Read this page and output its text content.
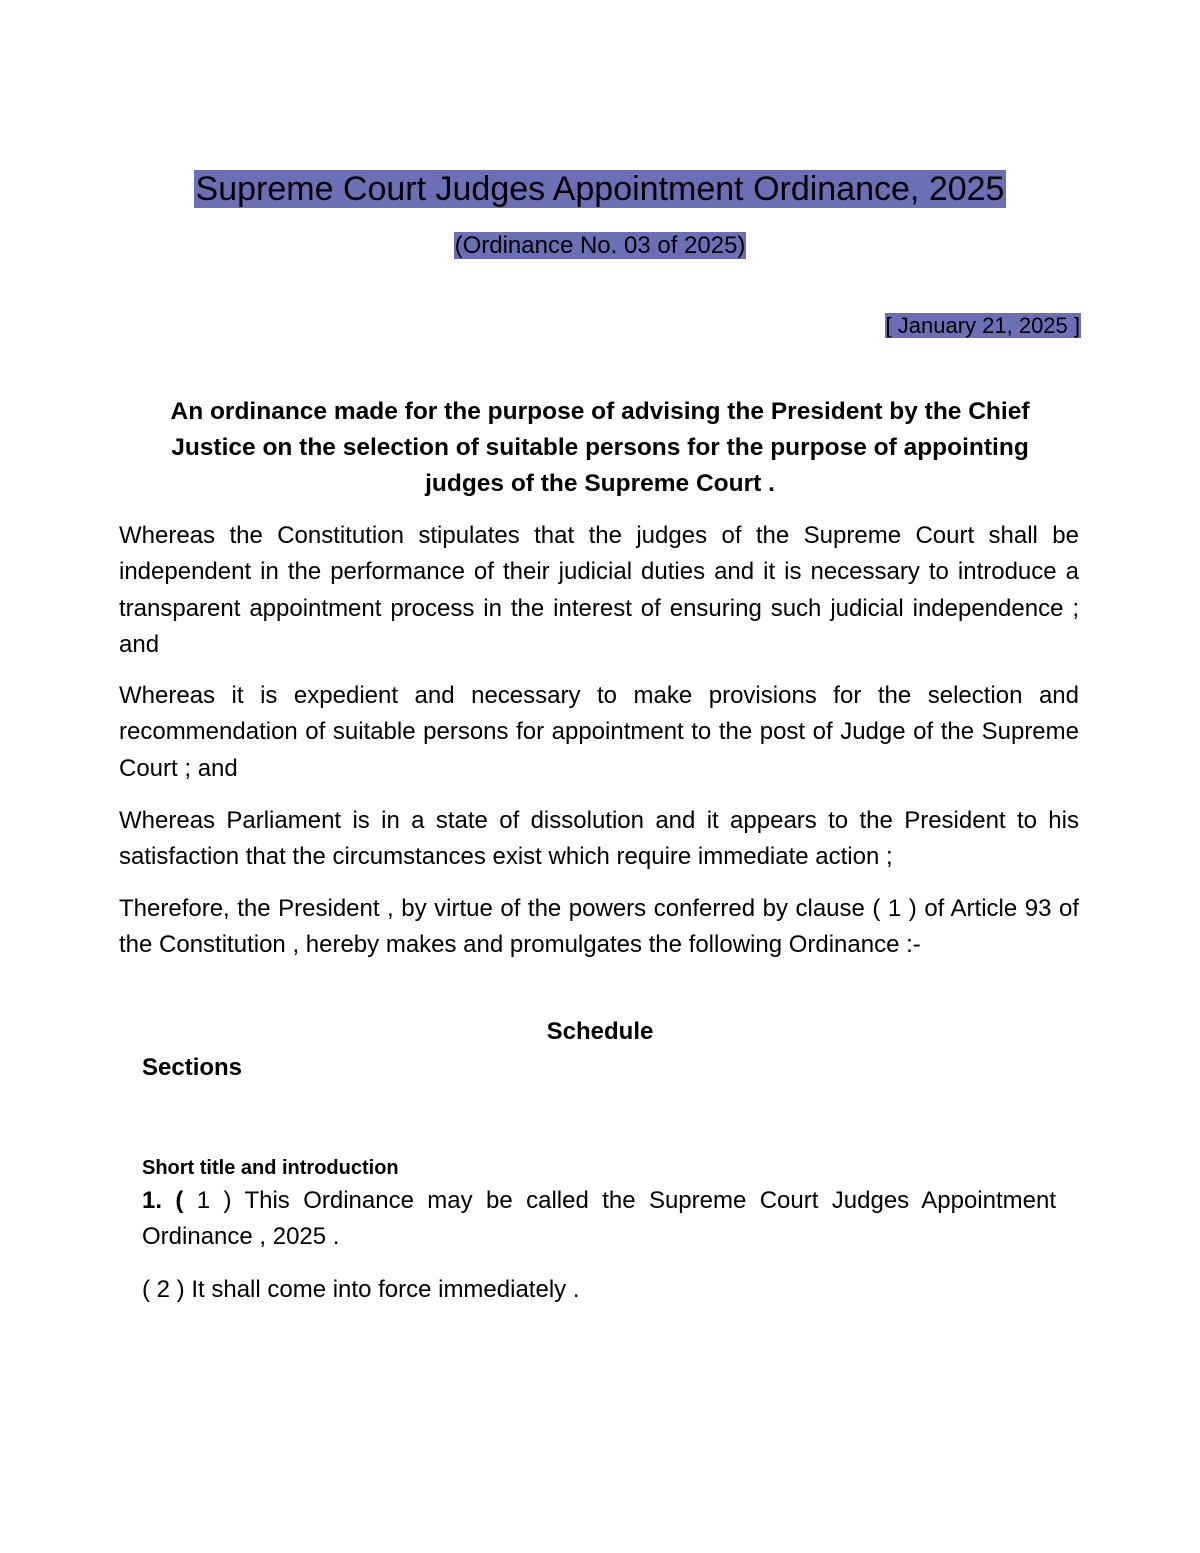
Supreme Court Judges Appointment Ordinance, 2025
(Ordinance No. 03 of 2025)
[ January 21, 2025 ]

An ordinance made for the purpose of advising the President by the Chief Justice on the selection of suitable persons for the purpose of appointing judges of the Supreme Court .

Whereas the Constitution stipulates that the judges of the Supreme Court shall be independent in the performance of their judicial duties and it is necessary to introduce a transparent appointment process in the interest of ensuring such judicial independence ; and

Whereas it is expedient and necessary to make provisions for the selection and recommendation of suitable persons for appointment to the post of Judge of the Supreme Court ; and

Whereas Parliament is in a state of dissolution and it appears to the President to his satisfaction that the circumstances exist which require immediate action ;

Therefore, the President , by virtue of the powers conferred by clause ( 1 ) of Article 93 of the Constitution , hereby makes and promulgates the following Ordinance :-

Schedule
Sections
Short title and introduction

1. ( 1 ) This Ordinance may be called the Supreme Court Judges Appointment Ordinance , 2025 .

( 2 ) It shall come into force immediately .
